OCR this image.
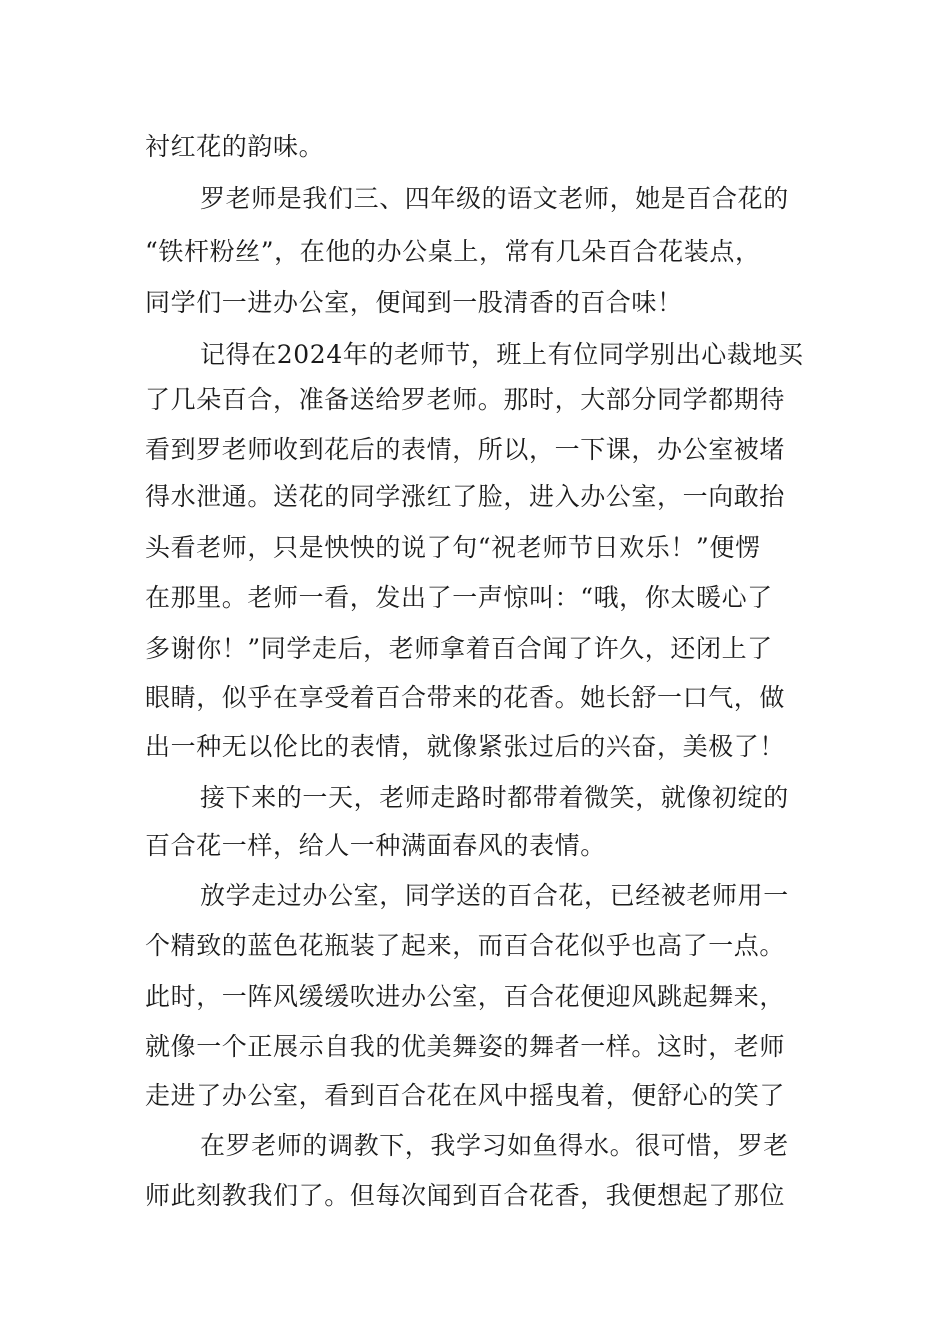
衬红花的韵味。
罗老师是我们三、四年级的语文老师，她是百合花的
“铁杆粉丝”，在他的办公桌上，常有几朵百合花装点，
同学们一进办公室，便闻到一股清香的百合味！
记得在2024年的老师节，班上有位同学别出心裁地买
了几朵百合，准备送给罗老师。那时，大部分同学都期待
看到罗老师收到花后的表情，所以，一下课，办公室被堵
得水泄通。送花的同学涨红了脸，进入办公室，一向敢抬
头看老师，只是怏怏的说了句“祝老师节日欢乐！”便愣
在那里。老师一看，发出了一声惊叫：“哦，你太暖心了
多谢你！”同学走后，老师拿着百合闻了许久，还闭上了
眼睛，似乎在享受着百合带来的花香。她长舒一口气，做
出一种无以伦比的表情，就像紧张过后的兴奋，美极了！
接下来的一天，老师走路时都带着微笑，就像初绽的
百合花一样，给人一种满面春风的表情。
放学走过办公室，同学送的百合花，已经被老师用一
个精致的蓝色花瓶装了起来，而百合花似乎也高了一点。
此时，一阵风缓缓吹进办公室，百合花便迎风跳起舞来，
就像一个正展示自我的优美舞姿的舞者一样。这时，老师
走进了办公室，看到百合花在风中摇曳着，便舒心的笑了
在罗老师的调教下，我学习如鱼得水。很可惜，罗老
师此刻教我们了。但每次闻到百合花香，我便想起了那位
